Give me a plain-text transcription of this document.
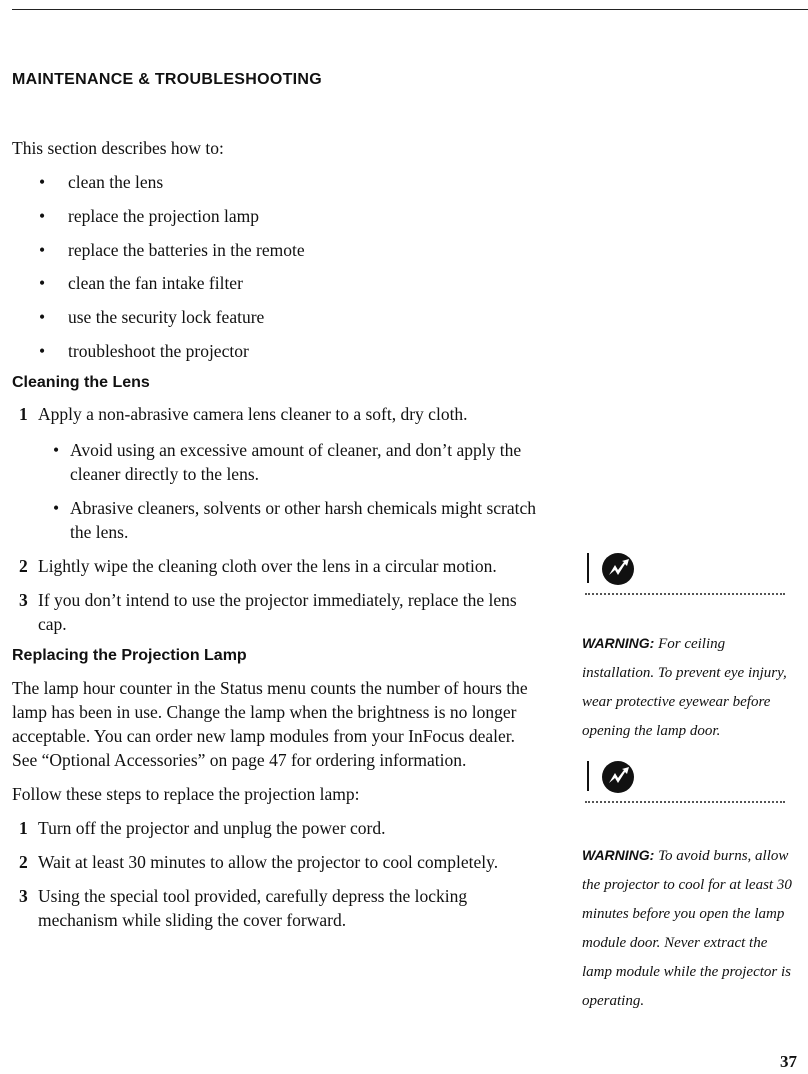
MAINTENANCE & TROUBLESHOOTING

This section describes how to:

• clean the lens
• replace the projection lamp
• replace the batteries in the remote
• clean the fan intake filter
• use the security lock feature
• troubleshoot the projector
Cleaning the Lens
1 Apply a non-abrasive camera lens cleaner to a soft, dry cloth.
• Avoid using an excessive amount of cleaner, and don’t apply the cleaner directly to the lens.
• Abrasive cleaners, solvents or other harsh chemicals might scratch the lens.
2 Lightly wipe the cleaning cloth over the lens in a circular motion.
3 If you don’t intend to use the projector immediately, replace the lens cap.
Replacing the Projection Lamp

The lamp hour counter in the Status menu counts the number of hours the lamp has been in use. Change the lamp when the brightness is no longer acceptable. You can order new lamp modules from your InFocus dealer. See “Optional Accessories” on page 47 for ordering information.

Follow these steps to replace the projection lamp:

1 Turn off the projector and unplug the power cord.
2 Wait at least 30 minutes to allow the projector to cool completely.
3 Using the special tool provided, carefully depress the locking mechanism while sliding the cover forward.
WARNING: For ceiling installation. To prevent eye injury, wear protective eyewear before opening the lamp door.
WARNING: To avoid burns, allow the projector to cool for at least 30 minutes before you open the lamp module door. Never extract the lamp module while the projector is operating.
37
